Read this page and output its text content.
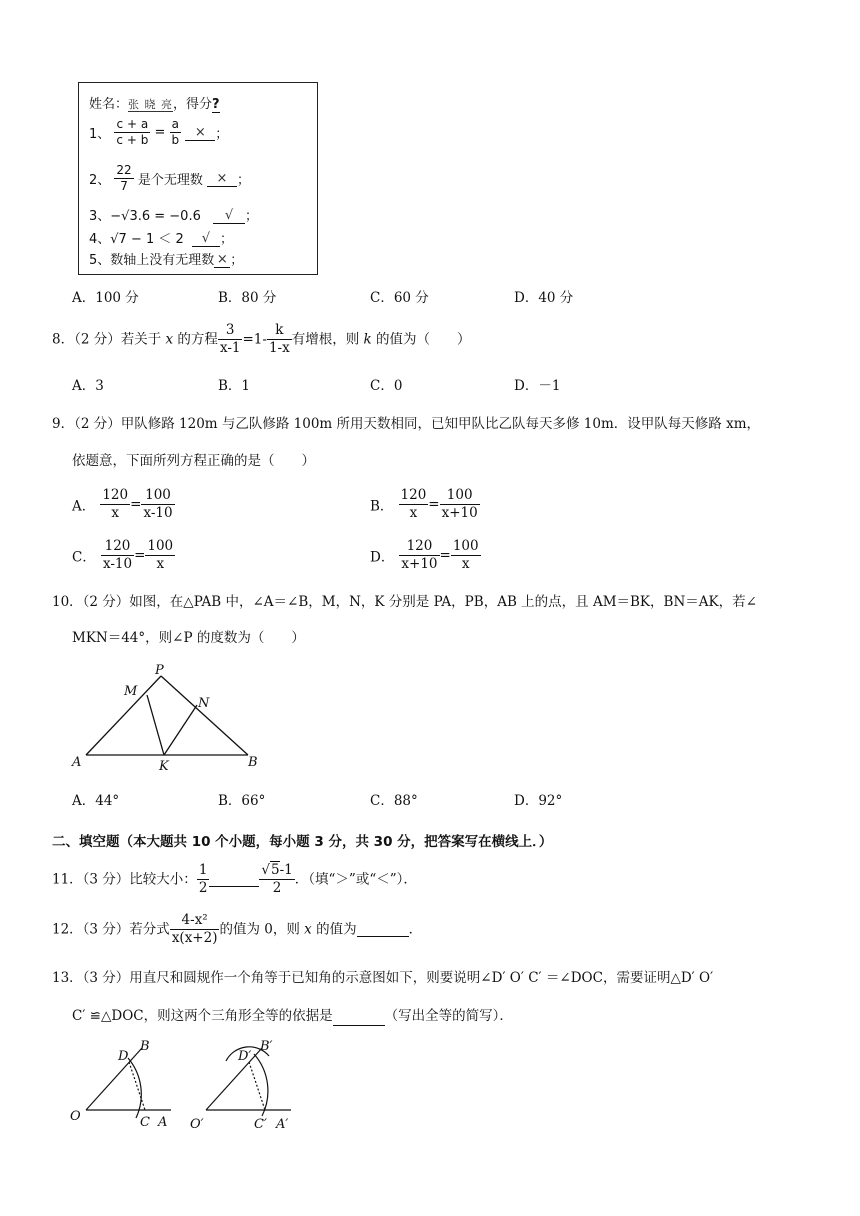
姓名：张 晓 亮，得分?
1、 $\frac{c + a}{c + b} = \frac{a}{b}$ × ；
2、 $\frac{22}{7}$ 是个无理数 × ；
3、−√3.6 = −0.6 √ ；
4、√7 − 1 ＜ 2 √ ；
5、数轴上没有无理数 × ；
A．100 分	B．80 分	C．60 分	D．40 分
8．（2 分）若关于 x 的方程 $\frac{3}{x-1} =1- \frac{k}{1-x}$ 有增根，则 k 的值为（　　）
A．3	B．1	C．0	D．－1
9．（2 分）甲队修路 120m 与乙队修路 100m 所用天数相同，已知甲队比乙队每天多修 10m．设甲队每天修路 xm，
依题意，下面所列方程正确的是（　　）
A． $\frac{120}{x} = \frac{100}{x-10}$	B． $\frac{120}{x} = \frac{100}{x+10}$
C． $\frac{120}{x-10} = \frac{100}{x}$	D． $\frac{120}{x+10} = \frac{100}{x}$
10．（2 分）如图，在△PAB 中，∠A＝∠B，M，N，K 分别是 PA，PB，AB 上的点，且 AM＝BK，BN＝AK，若∠
MKN＝44°，则∠P 的度数为（　　）
P
M
N
A	K	B
A．44°	B．66°	C．88°	D．92°
二、填空题（本大题共 10 个小题，每小题 3 分，共 30 分，把答案写在横线上．）
11．（3 分）比较大小： $\frac{1}{2}$	$\frac{√5-1}{2}$ ．（填“＞”或“＜”）．
12．（3 分）若分式 $\frac{\text{4-x²}}{x(x+2)}$ 的值为 0，则 x 的值为	．
13．（3 分）用直尺和圆规作一个角等于已知角的示意图如下，则要说明∠D′ O′ C′ ＝∠DOC，需要证明△D′ O′
C′ ≌△DOC，则这两个三角形全等的依据是	（写出全等的简写）．
D
B
O	C A
D′
B′
O′	C′ A′
